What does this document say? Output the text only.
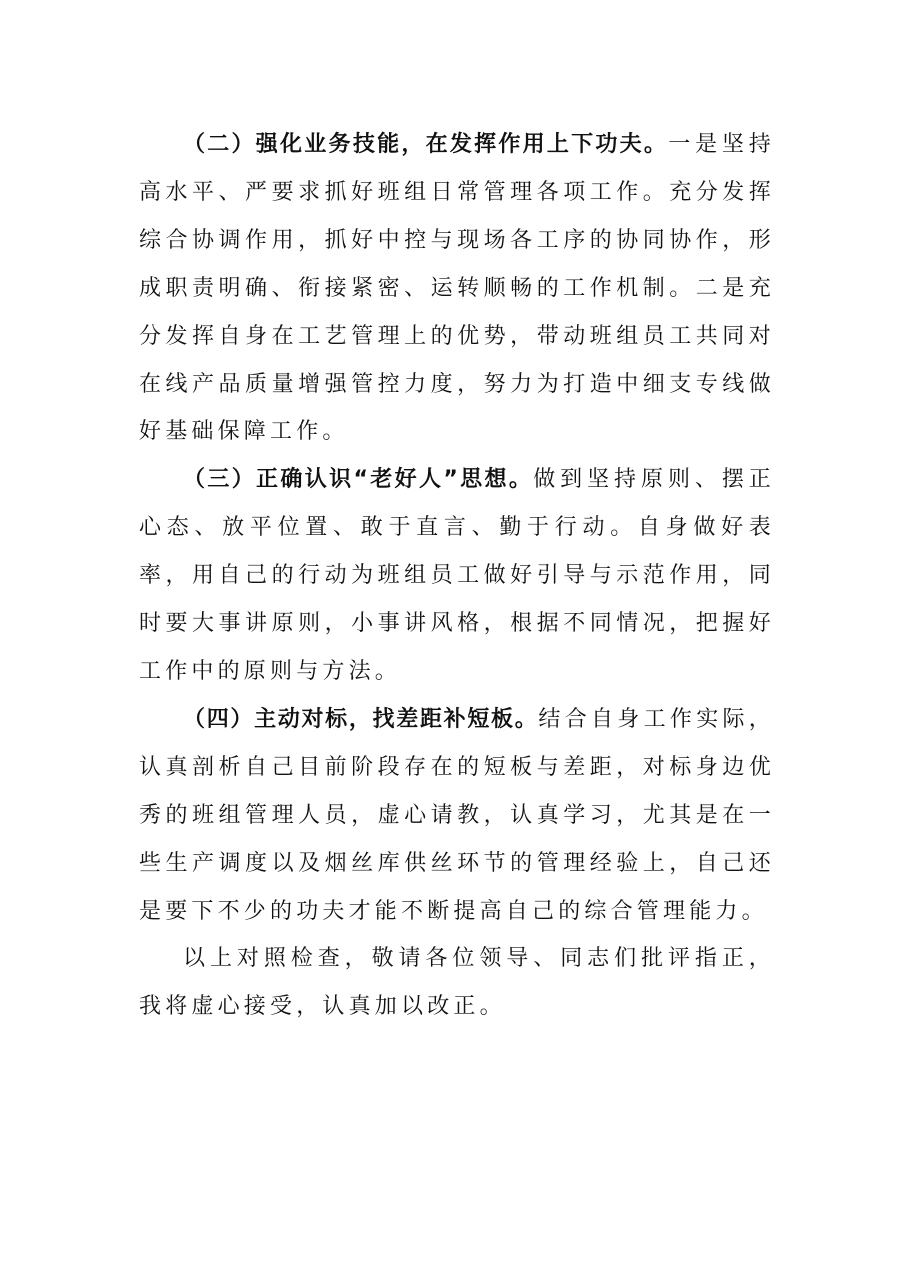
（二）强化业务技能，在发挥作用上下功夫。一是坚持高水平、严要求抓好班组日常管理各项工作。充分发挥综合协调作用，抓好中控与现场各工序的协同协作，形成职责明确、衔接紧密、运转顺畅的工作机制。二是充分发挥自身在工艺管理上的优势，带动班组员工共同对在线产品质量增强管控力度，努力为打造中细支专线做好基础保障工作。

（三）正确认识“老好人”思想。做到坚持原则、摆正心态、放平位置、敢于直言、勤于行动。自身做好表率，用自己的行动为班组员工做好引导与示范作用，同时要大事讲原则，小事讲风格，根据不同情况，把握好工作中的原则与方法。

（四）主动对标，找差距补短板。结合自身工作实际，认真剖析自己目前阶段存在的短板与差距，对标身边优秀的班组管理人员，虚心请教，认真学习，尤其是在一些生产调度以及烟丝库供丝环节的管理经验上，自己还是要下不少的功夫才能不断提高自己的综合管理能力。

以上对照检查，敬请各位领导、同志们批评指正，我将虚心接受，认真加以改正。
